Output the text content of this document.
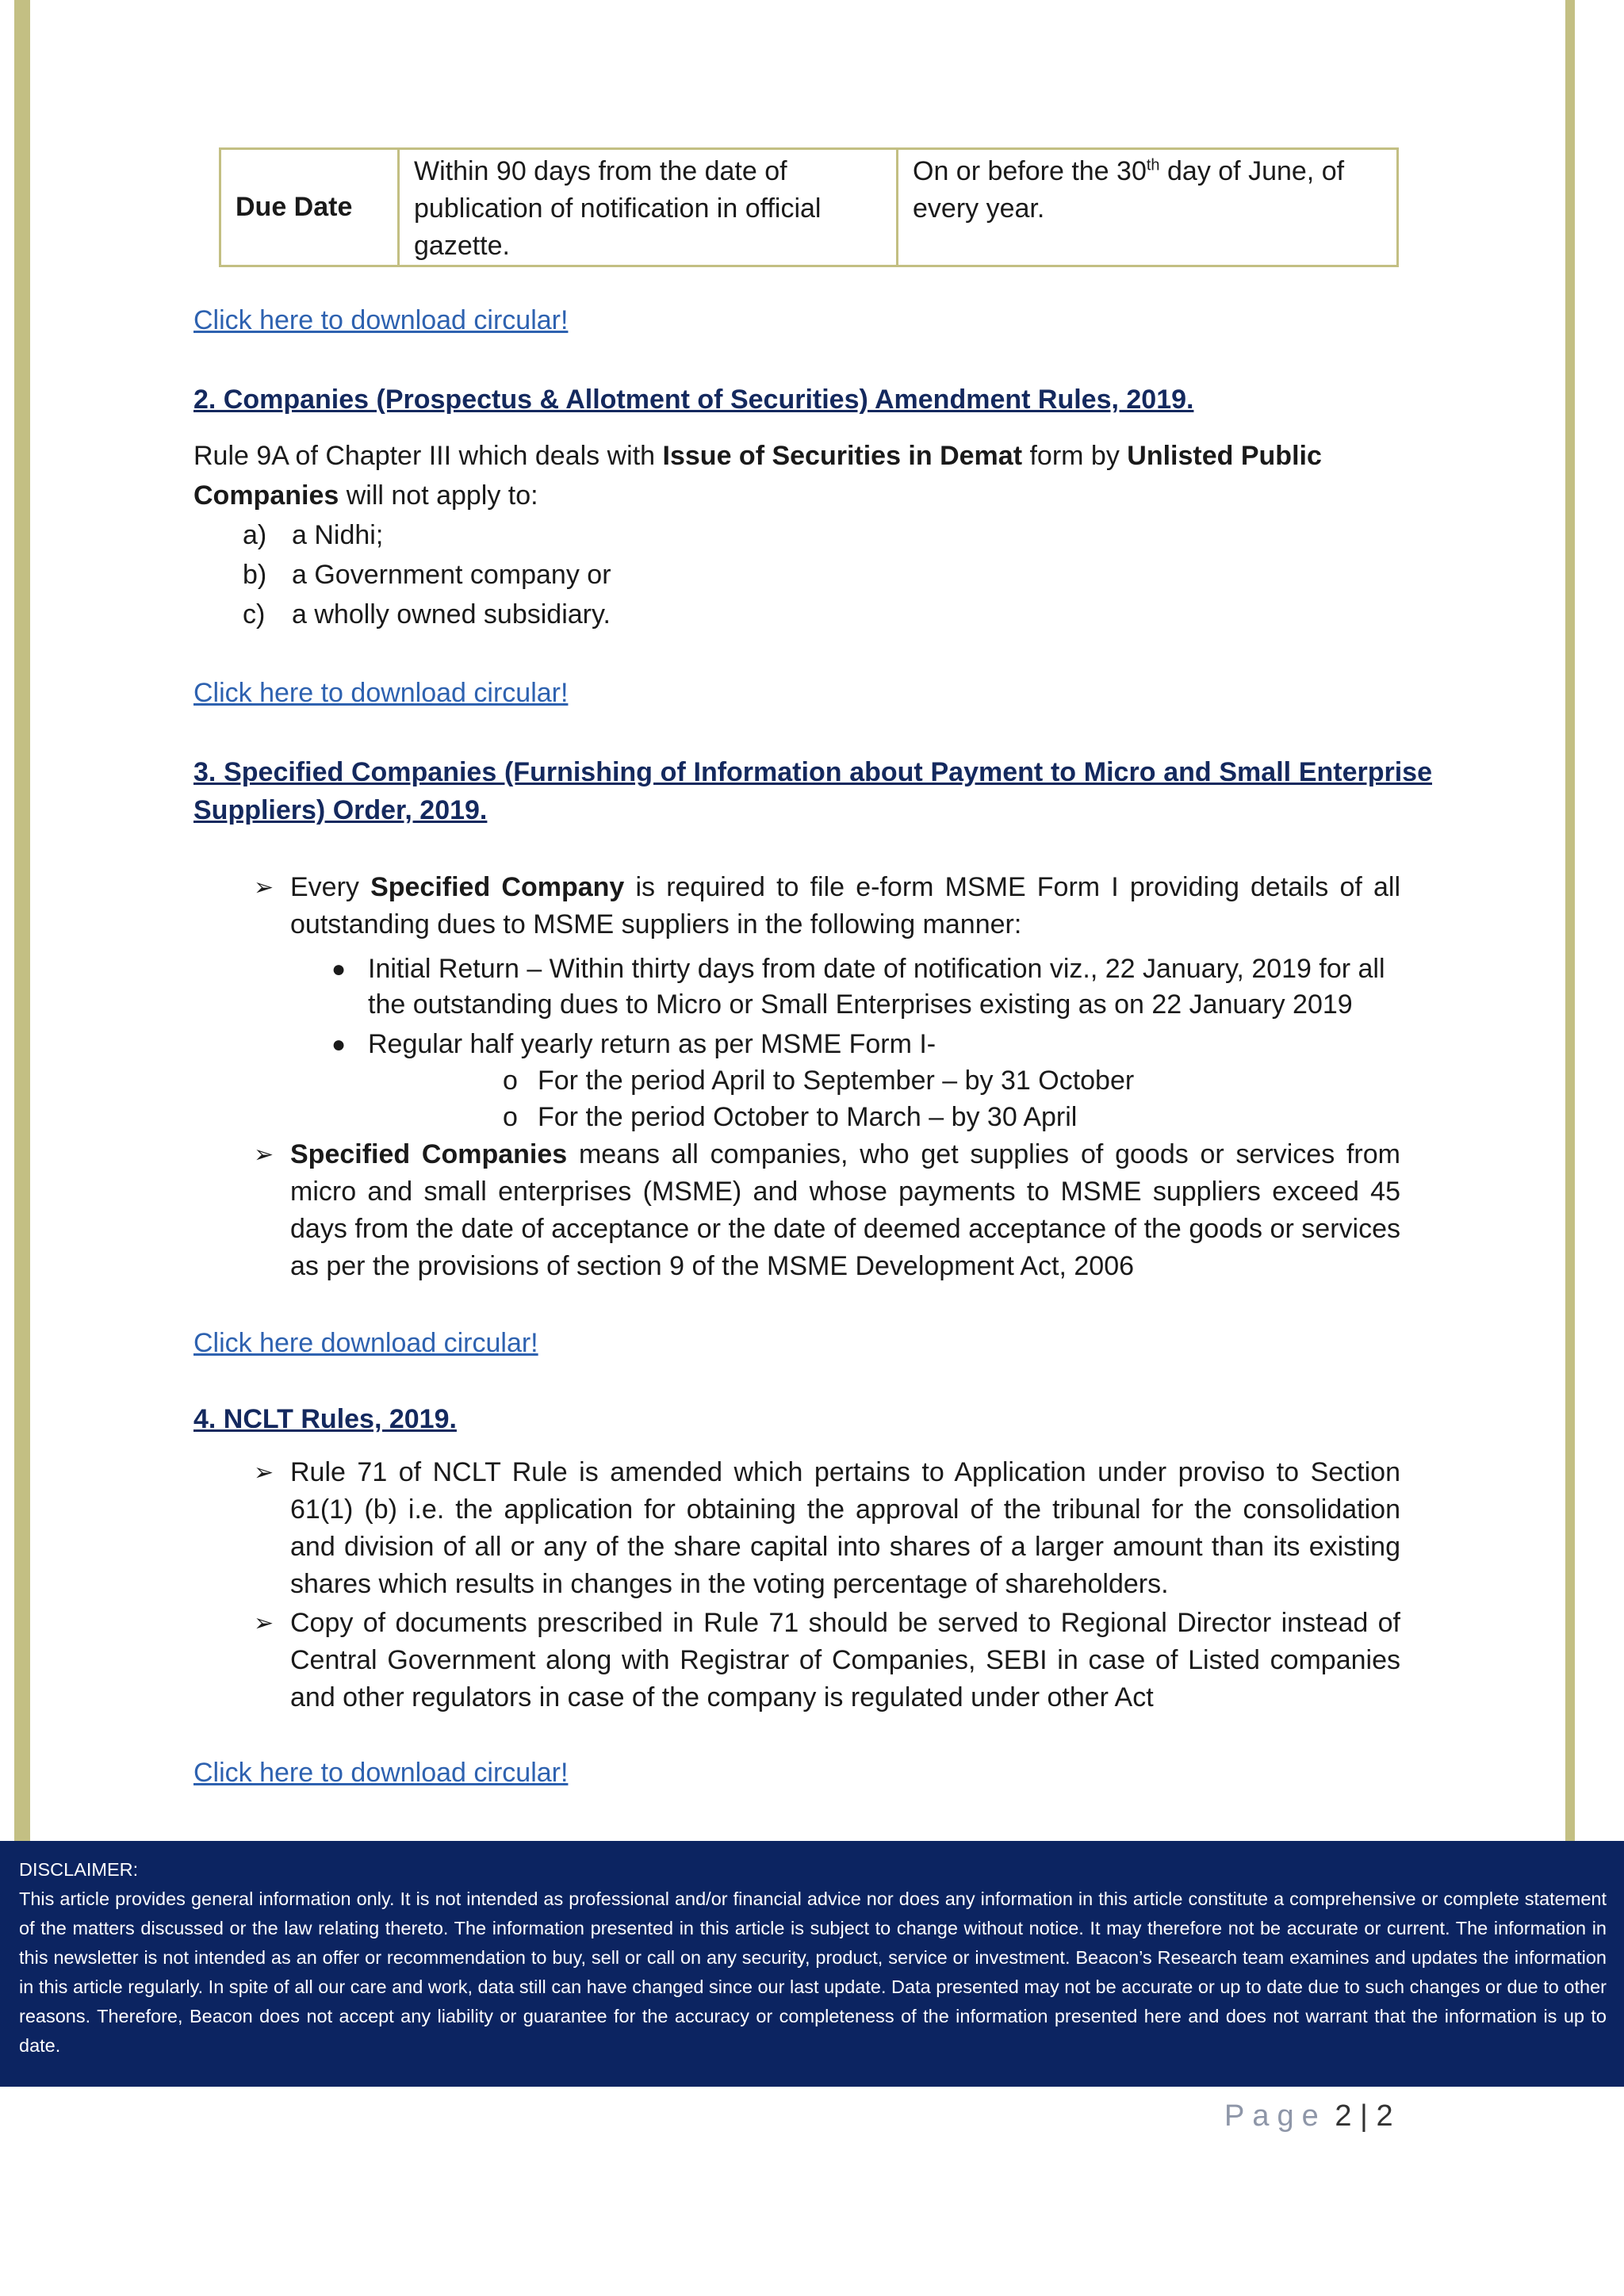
Due Date	Within 90 days from the date of publication of notification in official gazette.	On or before the 30th day of June, of every year.
Click here to download circular!
2. Companies (Prospectus & Allotment of Securities) Amendment Rules, 2019.
Rule 9A of Chapter III which deals with Issue of Securities in Demat form by Unlisted Public Companies will not apply to:
a) a Nidhi;
b) a Government company or
c) a wholly owned subsidiary.
Click here to download circular!
3. Specified Companies (Furnishing of Information about Payment to Micro and Small Enterprise Suppliers) Order, 2019.
➢ Every Specified Company is required to file e-form MSME Form I providing details of all outstanding dues to MSME suppliers in the following manner:
● Initial Return – Within thirty days from date of notification viz., 22 January, 2019 for all the outstanding dues to Micro or Small Enterprises existing as on 22 January 2019
● Regular half yearly return as per MSME Form I-
o For the period April to September – by 31 October
o For the period October to March – by 30 April
➢ Specified Companies means all companies, who get supplies of goods or services from micro and small enterprises (MSME) and whose payments to MSME suppliers exceed 45 days from the date of acceptance or the date of deemed acceptance of the goods or services as per the provisions of section 9 of the MSME Development Act, 2006
Click here download circular!
4. NCLT Rules, 2019.
➢ Rule 71 of NCLT Rule is amended which pertains to Application under proviso to Section 61(1) (b) i.e. the application for obtaining the approval of the tribunal for the consolidation and division of all or any of the share capital into shares of a larger amount than its existing shares which results in changes in the voting percentage of shareholders.
➢ Copy of documents prescribed in Rule 71 should be served to Regional Director instead of Central Government along with Registrar of Companies, SEBI in case of Listed companies and other regulators in case of the company is regulated under other Act
Click here to download circular!
DISCLAIMER:
This article provides general information only. It is not intended as professional and/or financial advice nor does any information in this article constitute a comprehensive or complete statement of the matters discussed or the law relating thereto. The information presented in this article is subject to change without notice. It may therefore not be accurate or current. The information in this newsletter is not intended as an offer or recommendation to buy, sell or call on any security, product, service or investment. Beacon’s Research team examines and updates the information in this article regularly. In spite of all our care and work, data still can have changed since our last update. Data presented may not be accurate or up to date due to such changes or due to other reasons. Therefore, Beacon does not accept any liability or guarantee for the accuracy or completeness of the information presented here and does not warrant that the information is up to date.
Page 2 | 2
